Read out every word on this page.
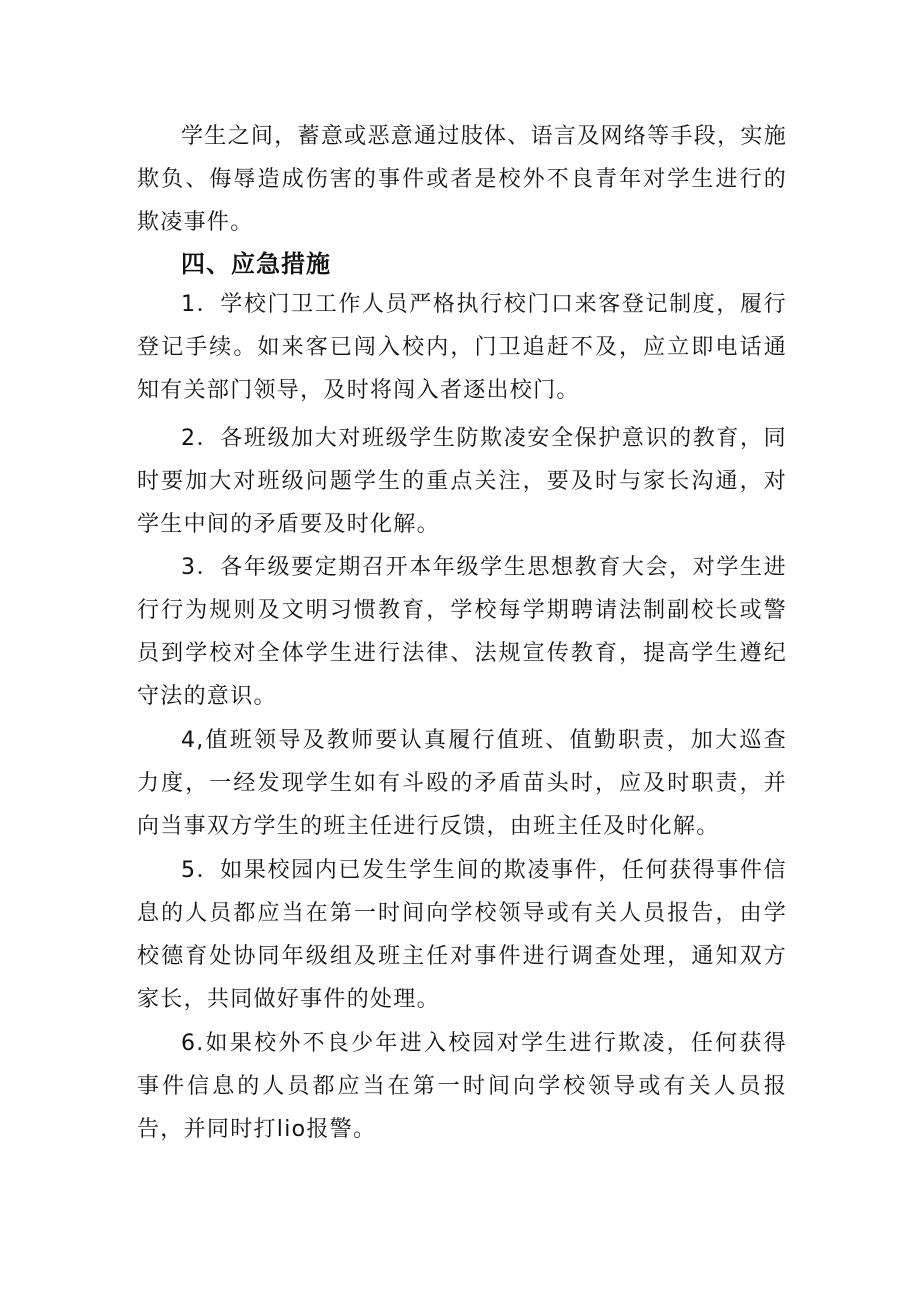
学生之间，蓄意或恶意通过肢体、语言及网络等手段，实施欺负、侮辱造成伤害的事件或者是校外不良青年对学生进行的欺凌事件。

四、应急措施

1．学校门卫工作人员严格执行校门口来客登记制度，履行登记手续。如来客已闯入校内，门卫追赶不及，应立即电话通知有关部门领导，及时将闯入者逐出校门。

2．各班级加大对班级学生防欺凌安全保护意识的教育，同时要加大对班级问题学生的重点关注，要及时与家长沟通，对学生中间的矛盾要及时化解。

3．各年级要定期召开本年级学生思想教育大会，对学生进行行为规则及文明习惯教育，学校每学期聘请法制副校长或警员到学校对全体学生进行法律、法规宣传教育，提高学生遵纪守法的意识。

4,值班领导及教师要认真履行值班、值勤职责，加大巡查力度，一经发现学生如有斗殴的矛盾苗头时，应及时职责，并向当事双方学生的班主任进行反馈，由班主任及时化解。

5．如果校园内已发生学生间的欺凌事件，任何获得事件信息的人员都应当在第一时间向学校领导或有关人员报告，由学校德育处协同年级组及班主任对事件进行调查处理，通知双方家长，共同做好事件的处理。

6.如果校外不良少年进入校园对学生进行欺凌，任何获得事件信息的人员都应当在第一时间向学校领导或有关人员报告，并同时打lio报警。
